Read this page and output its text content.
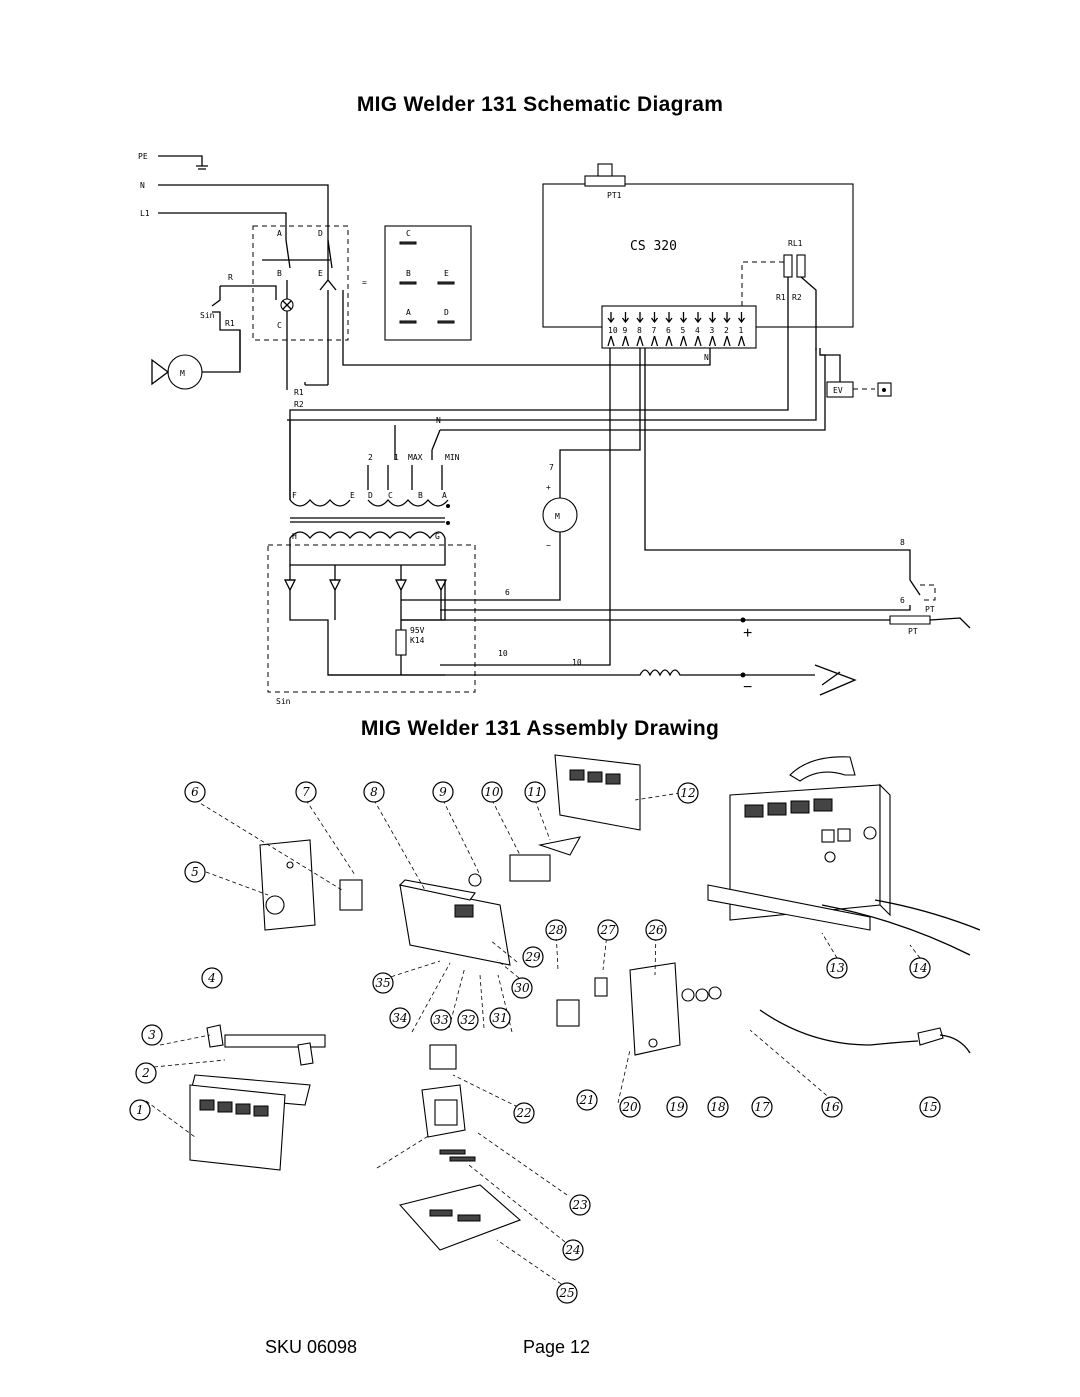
MIG Welder 131 Schematic Diagram
MIG Welder 131 Assembly Drawing
PE
N
L1
A	D
B	E
C
R
R1
Sin
M
=
C
B	E
A	D
PT1
CS 320	RL1
R1 R2
10 9 8 7 6 5 4 3 2 1
R1
R2
N
EV
N
2	1 MAX	MIN
F	E D C	B A
H	G
95V
K14	+
−
PT
M
+
−
7
6
8
PT
6
10
10
Sin
1
2
3
4
5
6	7	8	9	10 11	12
13	14
15
16
17
18
19
20
21
22
23
24
25
26
27
28
29
30
31
32
33
34
35
SKU 06098	Page 12
